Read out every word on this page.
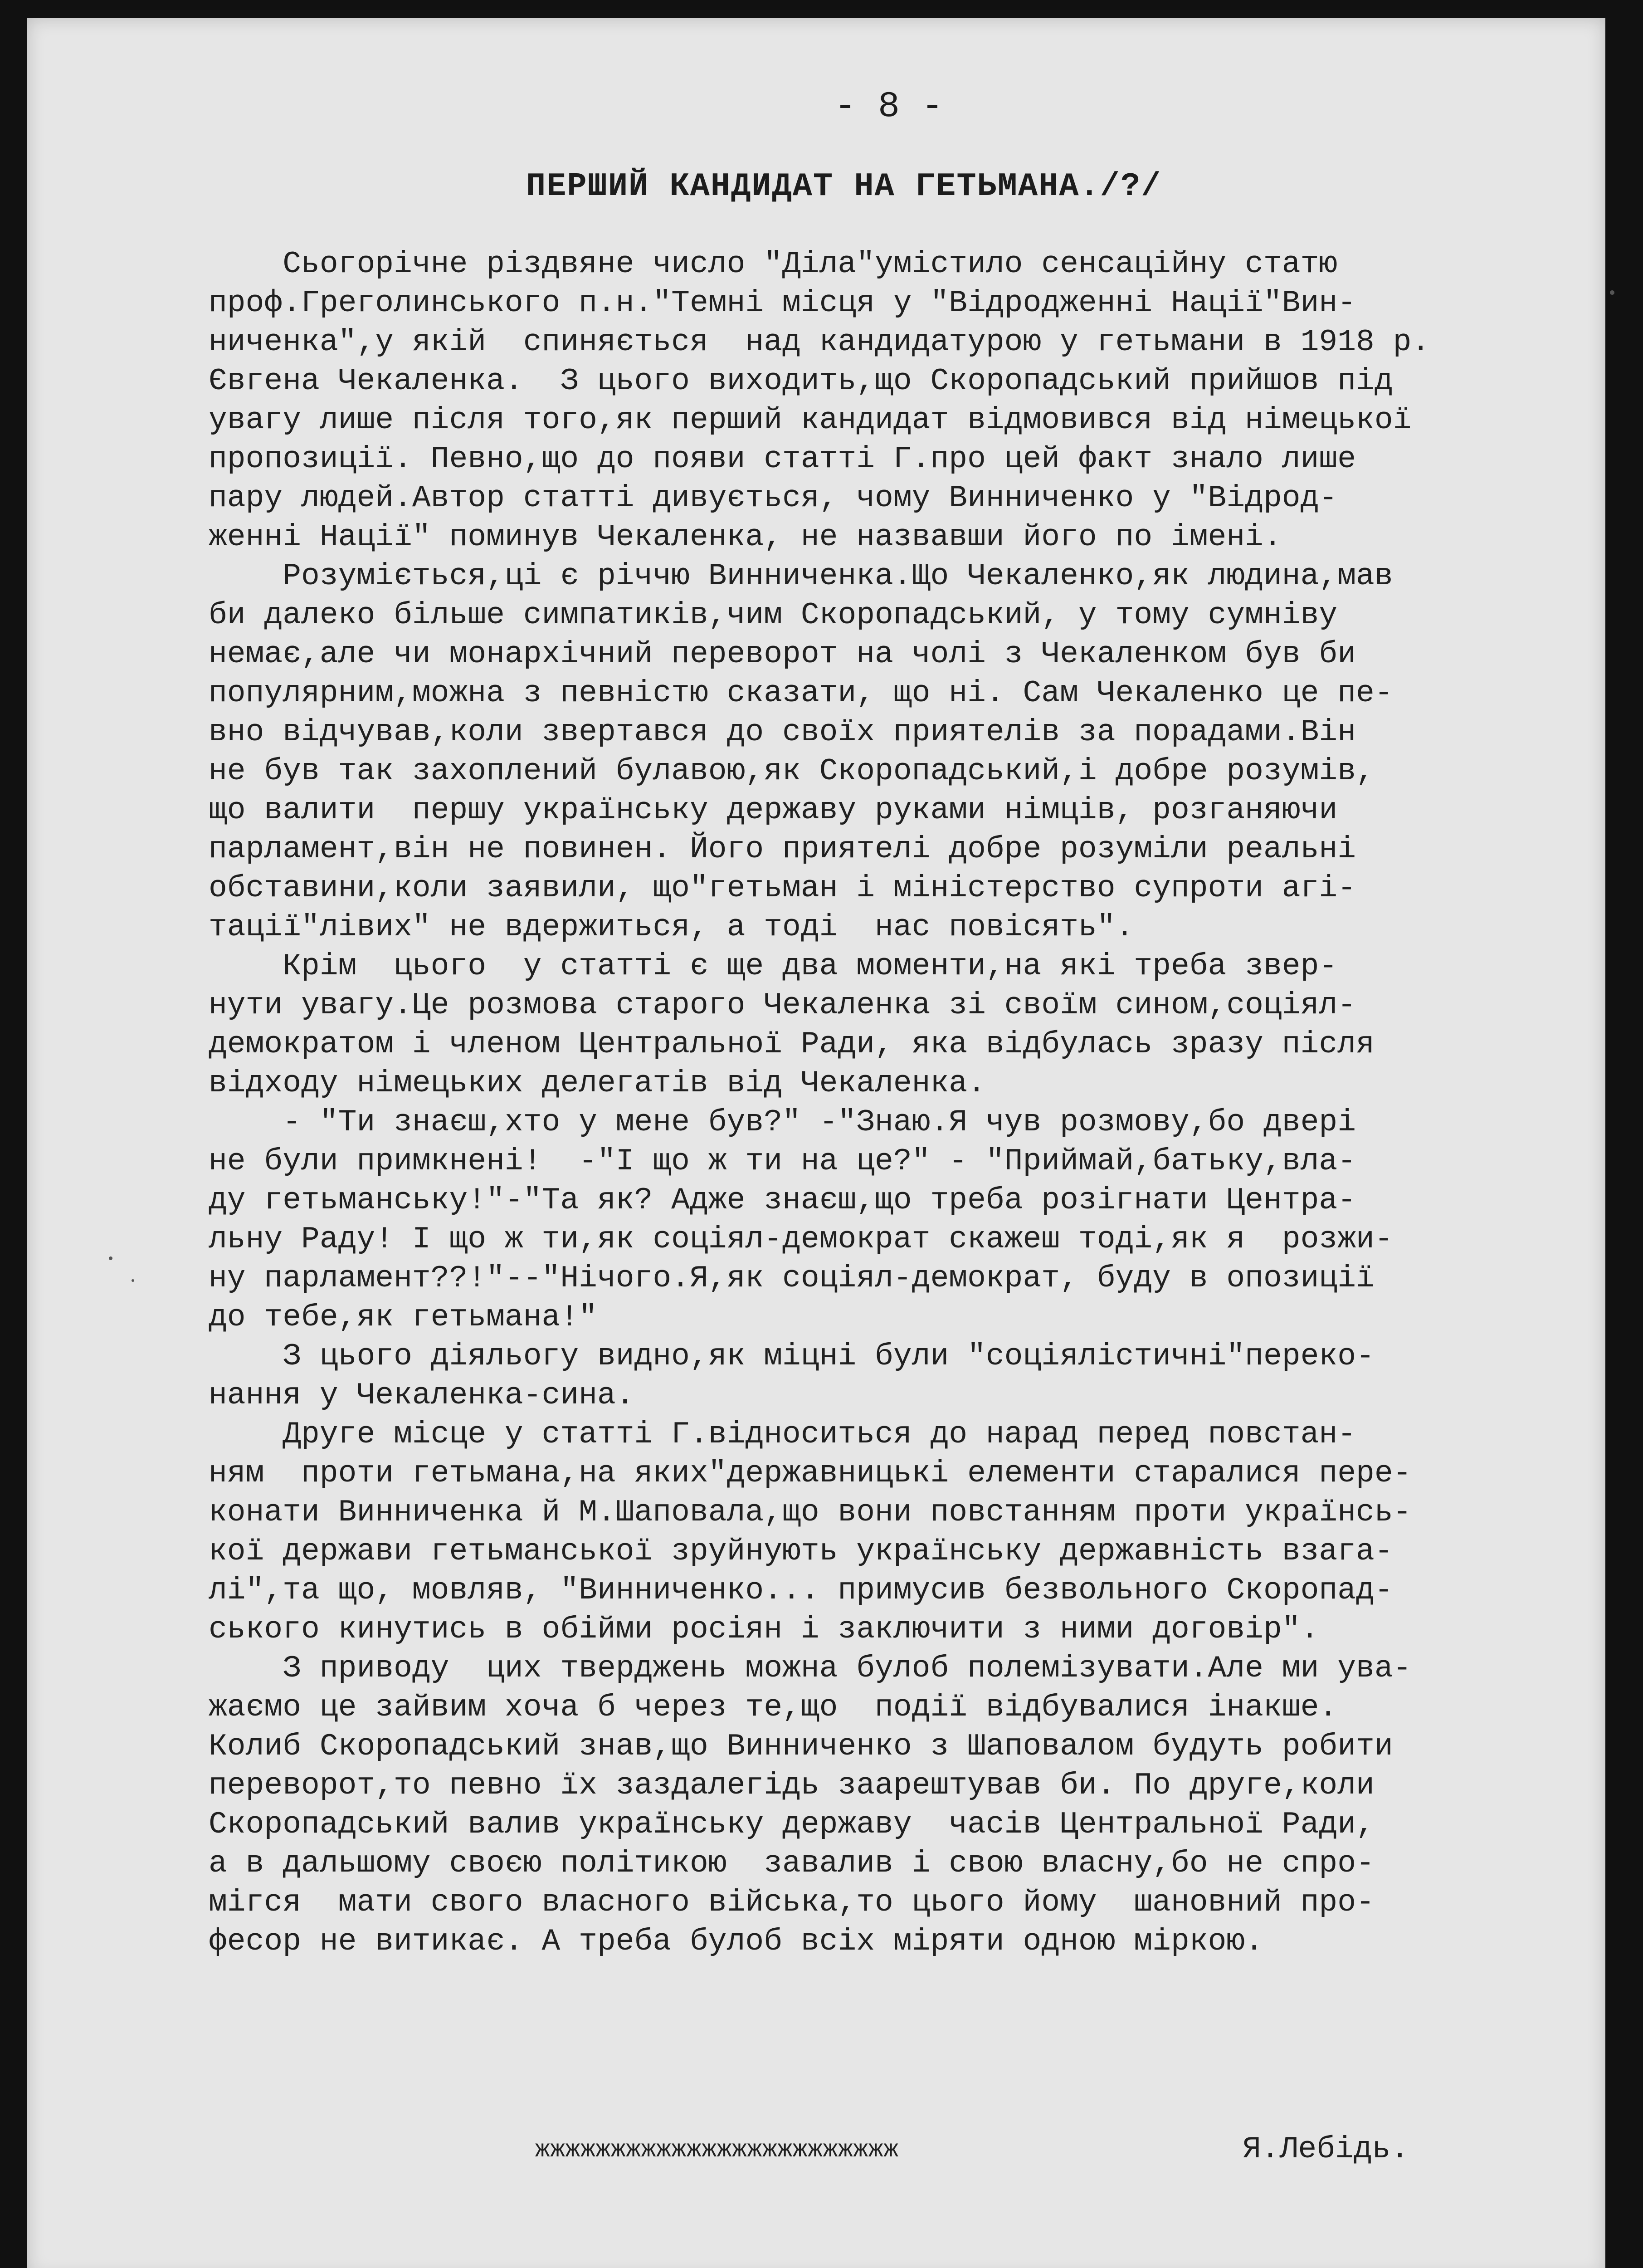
- 8 -
ПЕРШИЙ КАНДИДАТ НА ГЕТЬМАНА./?/
Сьогорічне різдвяне число "Діла"умістило сенсаційну статю
проф.Грегoлинського п.н."Темні місця у "Відродженні Нації"Вин-
ниченка",у якій  спиняється  над кандидатурою у гетьмани в 1918 р.
Євгена Чекаленка.  З цього виходить,що Скоропадський прийшов під
увагу лише після того,як перший кандидат відмовився від німецької
пропозиції. Певно,що до появи статті Г.про цей факт знало лише
пару людей.Автор статті дивується, чому Винниченко у "Відрод-
женні Нації" поминув Чекаленка, не назвавши його по імені.
Розуміється,ці є річчю Винниченка.Що Чекаленко,як людина,мав
би далеко більше симпатиків,чим Скоропадський, у тому сумніву
немає,але чи монархічний переворот на чолі з Чекаленком був би
популярним,можна з певністю сказати, що ні. Сам Чекаленко це пе-
вно відчував,коли звертався до своїх приятелів за порадами.Він
не був так захоплений булавою,як Скоропадський,і добре розумів,
що валити  першу українську державу руками німців, розганяючи
парламент,він не повинен. Його приятелі добре розуміли реальні
обставини,коли заявили, що"гетьман і міністерство супроти агі-
тації"лівих" не вдержиться, а тоді  нас повісять".
Крім  цього  у статті є ще два моменти,на які треба звер-
нути увагу.Це розмова старого Чекаленка зі своїм сином,соціял-
демократом і членом Центральної Ради, яка відбулась зразу після
відходу німецьких делегатів від Чекаленка.
- "Ти знаєш,хто у мене був?" -"Знаю.Я чув розмову,бо двері
не були примкнені!  -"І що ж ти на це?" - "Приймай,батьку,вла-
ду гетьманську!"-"Та як? Адже знаєш,що треба розігнати Центра-
льну Раду! І що ж ти,як соціял-демократ скажеш тоді,як я  розжи-
ну парламент??!"--"Нічого.Я,як соціял-демократ, буду в опозиції
до тебе,як гетьмана!"
З цього діяльогу видно,як міцні були "соціялістичні"переко-
нання у Чекаленка-сина.
Друге місце у статті Г.відноситься до нарад перед повстан-
ням  проти гетьмана,на яких"державницькі елементи старалися пере-
конати Винниченка й М.Шаповала,що вони повстанням проти українсь-
кої держави гетьманської зруйнують українську державність взага-
лі",та що, мовляв, "Винниченко... примусив безвольного Скоропад-
ського кинутись в обійми росіян і заключити з ними договір".
З приводу  цих тверджень можна булоб полемізувати.Але ми ува-
жаємо це зайвим хоча б через те,що  події відбувалися інакше.
Колиб Скоропадський знав,що Винничeнко з Шаповалом будуть робити
переворот,то певно їх заздалегідь заарештував би. По друге,коли
Скоропадський валив українську державу  часів Центральної Ради,
а в дальшому своєю політикою  завалив і свою власну,бо не спро-
мігся  мати свого власного війська,то цього йому  шановний про-
фесор не витикає. А треба булоб всіх міряти одною міркою.
жжжжжжжжжжжжжжжжжжжжжжжж	Я.Лебідь.
